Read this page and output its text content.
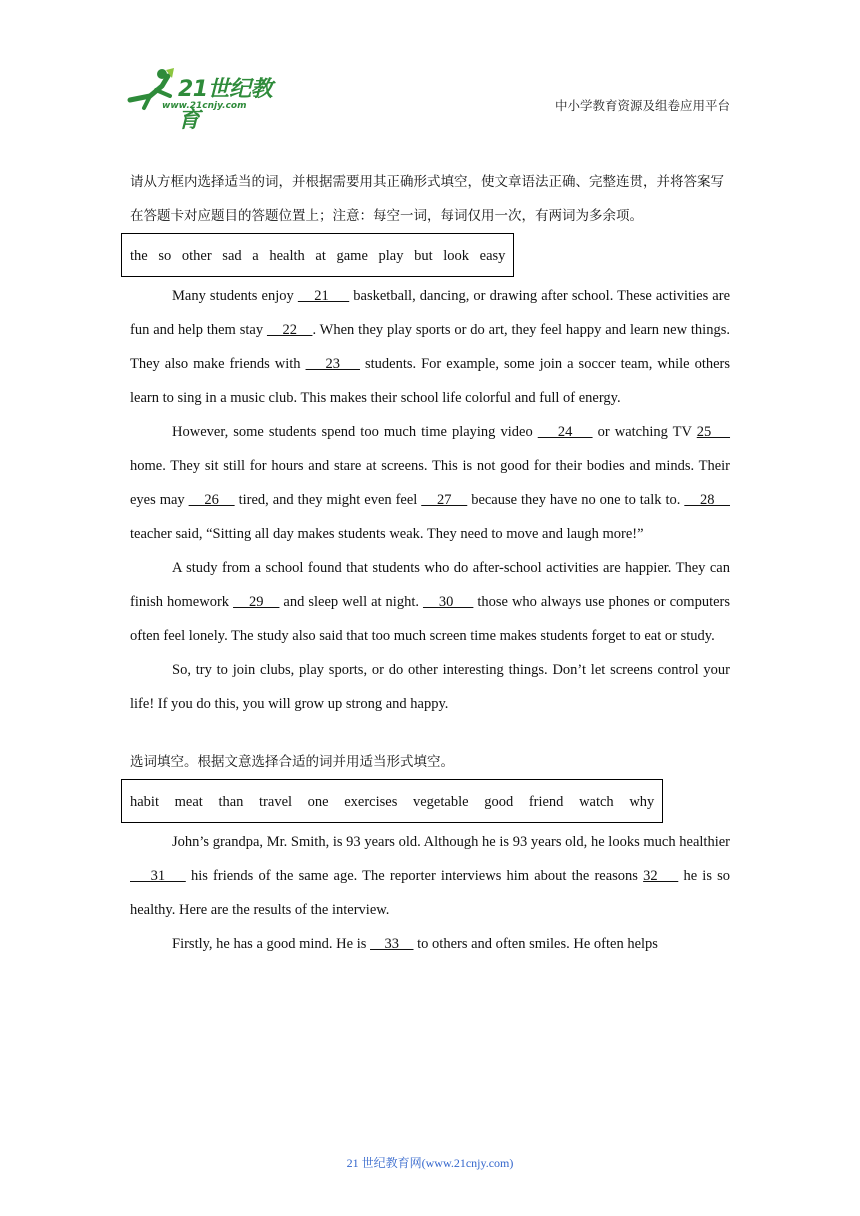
21世纪教育
www.21cnjy.com	中小学教育资源及组卷应用平台

请从方框内选择适当的词，并根据需要用其正确形式填空，使文章语法正确、完整连贯，并将答案写在答题卡对应题目的答题位置上；注意：每空一词，每词仅用一次，有两词为多余项。

the so other sad a health at game play but look easy

Many students enjoy     21      basketball, dancing, or drawing after school. These activities are fun and help them stay     22    . When they play sports or do art, they feel happy and learn new things. They also make friends with     23     students. For example, some join a soccer team, while others learn to sing in a music club. This makes their school life colorful and full of energy.

However, some students spend too much time playing video     24     or watching TV 25     home. They sit still for hours and stare at screens. This is not good for their bodies and minds. Their eyes may     26     tired, and they might even feel     27     because they have no one to talk to.     28     teacher said, “Sitting all day makes students weak. They need to move and laugh more!”

A study from a school found that students who do after-school activities are happier. They can finish homework     29     and sleep well at night.     30      those who always use phones or computers often feel lonely. The study also said that too much screen time makes students forget to eat or study.

So, try to join clubs, play sports, or do other interesting things. Don’t let screens control your life! If you do this, you will grow up strong and happy.

选词填空。根据文意选择合适的词并用适当形式填空。

habit meat than travel one exercises vegetable good friend watch why

John’s grandpa, Mr. Smith, is 93 years old. Although he is 93 years old, he looks much healthier     31     his friends of the same age. The reporter interviews him about the reasons 32     he is so healthy. Here are the results of the interview.

Firstly, he has a good mind. He is     33     to others and often smiles. He often helps

21 世纪教育网(www.21cnjy.com)
